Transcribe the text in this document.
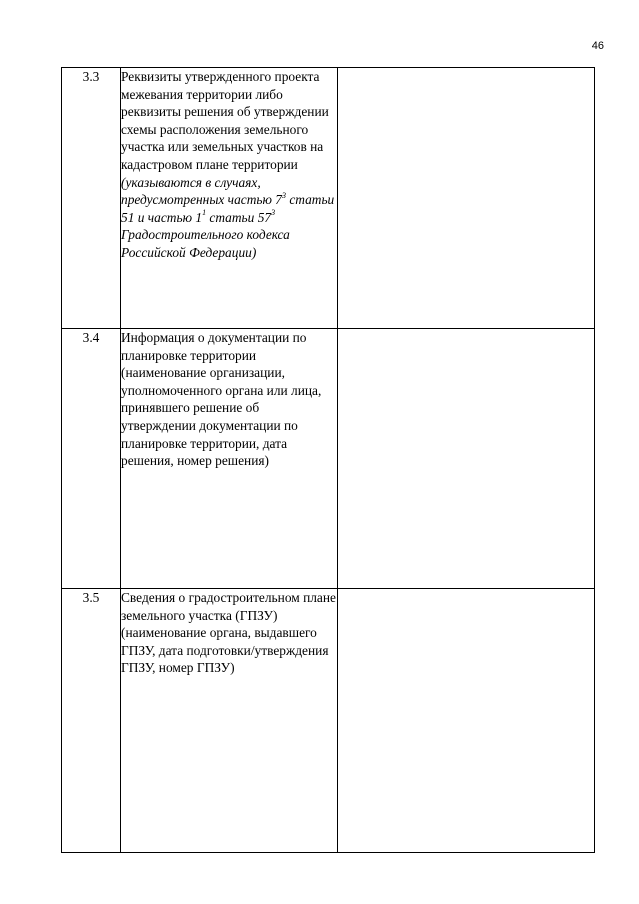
46
3.3	Реквизиты утвержденного проекта межевания территории либо реквизиты решения об утверждении схемы расположения земельного участка или земельных участков на кадастровом плане территории
(указываются в случаях, предусмотренных частью $7^3$ статьи 51 и частью $1^1$ статьи $57^3$ Градостроительного кодекса Российской Федерации)	

3.4	Информация о документации по планировке территории (наименование организации, уполномоченного органа или лица, принявшего решение об утверждении документации по планировке территории, дата решения, номер решения)	

3.5	Сведения о градостроительном плане земельного участка (ГПЗУ) (наименование органа, выдавшего ГПЗУ, дата подготовки/утверждения ГПЗУ, номер ГПЗУ)	
